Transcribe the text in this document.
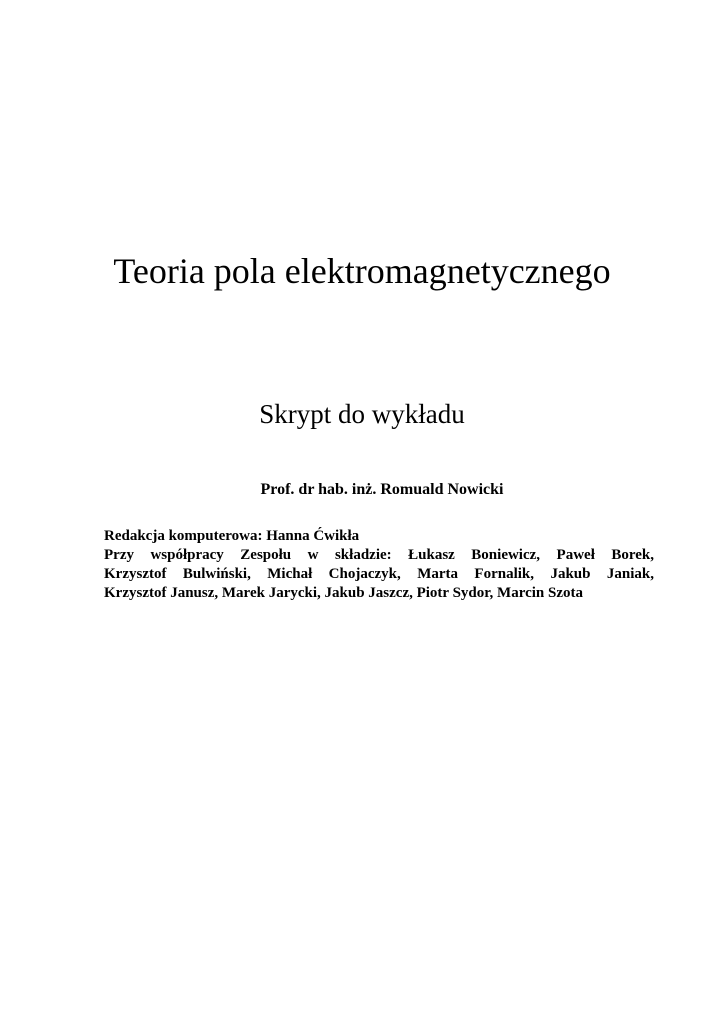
Teoria pola elektromagnetycznego
Skrypt do wykładu

Prof. dr hab. inż. Romuald Nowicki

Redakcja komputerowa: Hanna Ćwikła
Przy współpracy Zespołu w składzie: Łukasz Boniewicz, Paweł Borek,
Krzysztof Bulwiński, Michał Chojaczyk, Marta Fornalik, Jakub Janiak,
Krzysztof Janusz, Marek Jarycki, Jakub Jaszcz, Piotr Sydor, Marcin Szota
